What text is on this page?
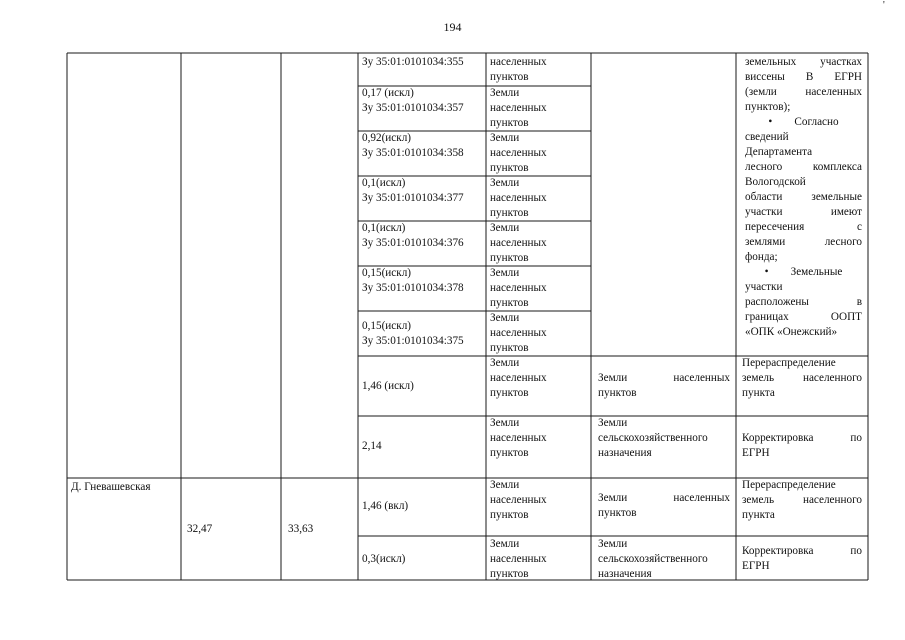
194
'
Зу 35:01:0101034:355 населенных
пунктов
0,17 (искл)
Зу 35:01:0101034:357
Земли
населенных
пунктов
0,92(искл)
Зу 35:01:0101034:358
Земли
населенных
пунктов
0,1(искл)
Зу 35:01:0101034:377
Земли
населенных
пунктов
0,1(искл)
Зу 35:01:0101034:376
Земли
населенных
пунктов
0,15(искл)
Зу 35:01:0101034:378
Земли
населенных
пунктов
0,15(искл)
Зу 35:01:0101034:375
Земли
населенных
пунктов
земельных участках
виссены В ЕГРН
(земли населенных
пунктов);
• Согласно
сведений
Департамента
лесного комплекса
Вологодской
области земельные
участки имеют
пересечения с
землями лесного
фонда;
• Земельные
участки
расположены в
границах ООПТ
«ОПК «Онежский»
1,46 (искл)
Земли
населенных
пунктов
Земли населенных
пунктов
Перераспределение
земель населенного
пункта
2,14
Земли
населенных
пунктов
Земли
сельскохозяйственного
назначения
Корректировка по
ЕГРН
Д. Гневашевская
32,47	33,63
1,46 (вкл)
Земли
населенных
пунктов
Земли населенных
пунктов
Перераспределение
земель населенного
пункта
0,3(искл)
Земли
населенных
пунктов
Земли
сельскохозяйственного
назначения
Корректировка по
ЕГРН
